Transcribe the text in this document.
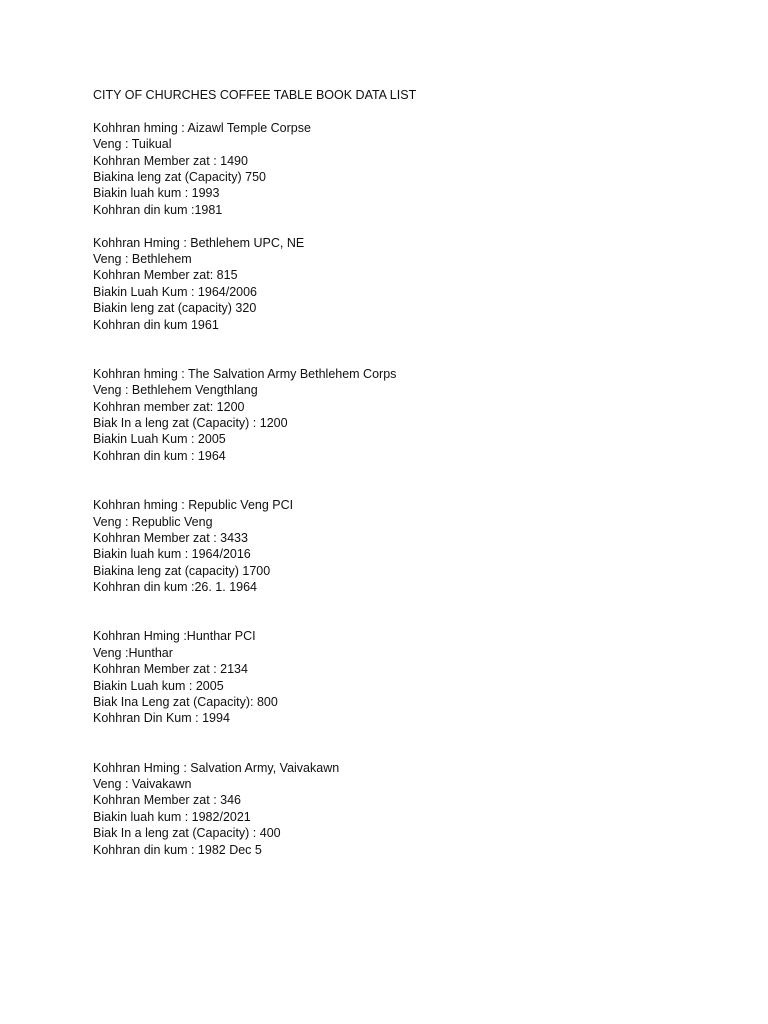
CITY OF CHURCHES COFFEE TABLE BOOK DATA LIST
Kohhran hming : Aizawl Temple Corpse
Veng : Tuikual
Kohhran Member zat : 1490
Biakina leng zat (Capacity) 750
Biakin luah kum : 1993
Kohhran din kum :1981
Kohhran Hming : Bethlehem UPC, NE
Veng : Bethlehem
Kohhran Member zat: 815
Biakin Luah Kum : 1964/2006
Biakin leng zat (capacity) 320
Kohhran din kum 1961
Kohhran hming : The Salvation Army Bethlehem Corps
Veng : Bethlehem Vengthlang
Kohhran member zat: 1200
Biak In a leng zat (Capacity) : 1200
Biakin Luah Kum : 2005
Kohhran din kum : 1964
Kohhran hming : Republic Veng PCI
Veng : Republic Veng
Kohhran Member zat : 3433
Biakin luah kum : 1964/2016
Biakina leng zat (capacity) 1700
Kohhran din kum :26. 1. 1964
Kohhran Hming :Hunthar PCI
Veng :Hunthar
Kohhran Member zat : 2134
Biakin Luah kum : 2005
Biak Ina Leng zat (Capacity): 800
Kohhran Din Kum : 1994
Kohhran Hming : Salvation Army, Vaivakawn
Veng : Vaivakawn
Kohhran Member zat : 346
Biakin luah kum : 1982/2021
Biak In a leng zat (Capacity) : 400
Kohhran din kum : 1982 Dec 5
